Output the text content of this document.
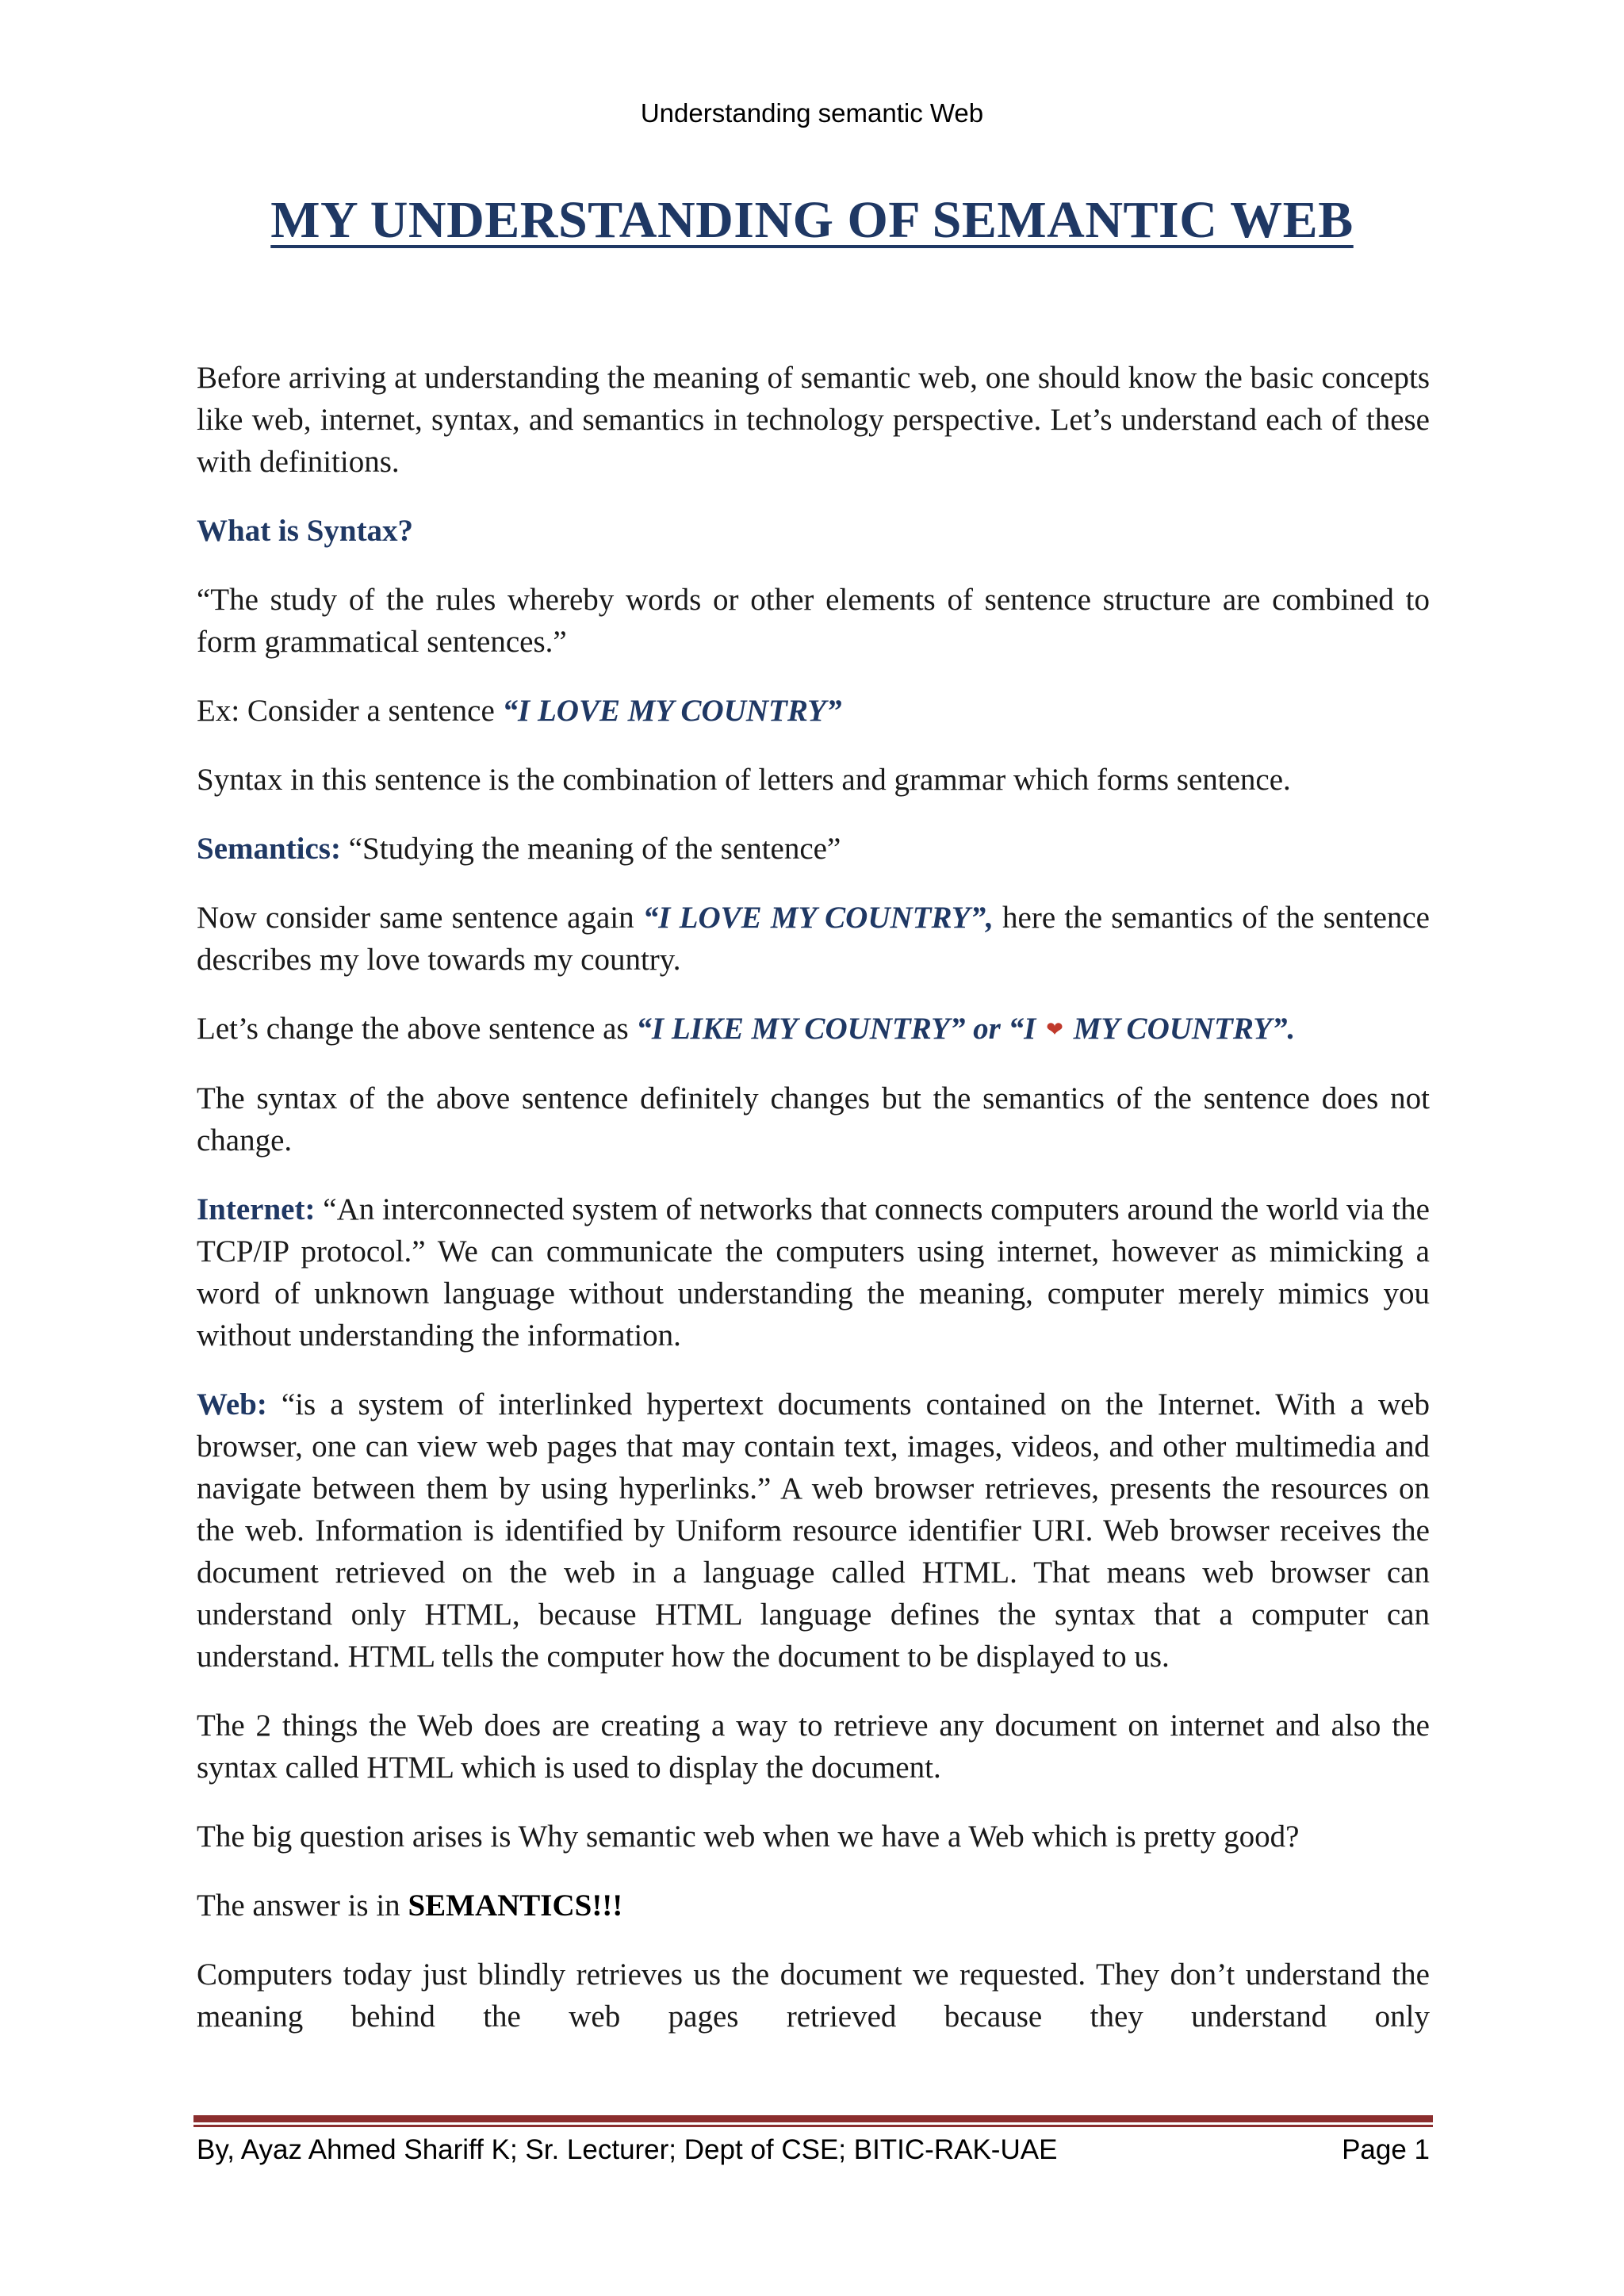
Understanding semantic Web
MY UNDERSTANDING OF SEMANTIC WEB

Before arriving at understanding the meaning of semantic web, one should know the basic concepts like web, internet, syntax, and semantics in technology perspective. Let’s understand each of these with definitions.

What is Syntax?

“The study of the rules whereby words or other elements of sentence structure are combined to form grammatical sentences.”

Ex: Consider a sentence “I LOVE MY COUNTRY”

Syntax in this sentence is the combination of letters and grammar which forms sentence.

Semantics: “Studying the meaning of the sentence”

Now consider same sentence again “I LOVE MY COUNTRY”, here the semantics of the sentence describes my love towards my country.

Let’s change the above sentence as “I LIKE MY COUNTRY” or “I ❤ MY COUNTRY”.

The syntax of the above sentence definitely changes but the semantics of the sentence does not change.

Internet: “An interconnected system of networks that connects computers around the world via the TCP/IP protocol.” We can communicate the computers using internet, however as mimicking a word of unknown language without understanding the meaning, computer merely mimics you without understanding the information.

Web: “is a system of interlinked hypertext documents contained on the Internet. With a web browser, one can view web pages that may contain text, images, videos, and other multimedia and navigate between them by using hyperlinks.” A web browser retrieves, presents the resources on the web. Information is identified by Uniform resource identifier URI. Web browser receives the document retrieved on the web in a language called HTML. That means web browser can understand only HTML, because HTML language defines the syntax that a computer can understand. HTML tells the computer how the document to be displayed to us.

The 2 things the Web does are creating a way to retrieve any document on internet and also the syntax called HTML which is used to display the document.

The big question arises is Why semantic web when we have a Web which is pretty good?

The answer is in SEMANTICS!!!

Computers today just blindly retrieves us the document we requested. They don’t understand the meaning behind the web pages retrieved because they understand only

By, Ayaz Ahmed Shariff K; Sr. Lecturer; Dept of CSE; BITIC-RAK-UAE	Page 1
